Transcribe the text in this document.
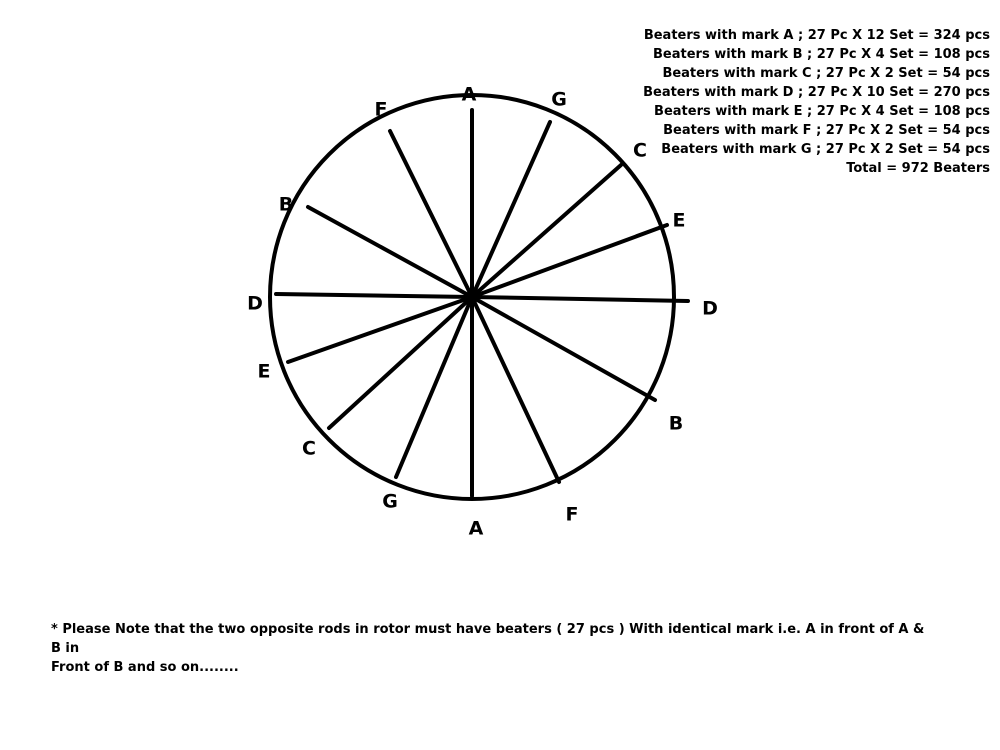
A
A
G
G
C
C
E
E
D
D
B
B
F
F
Beaters with mark A ; 27 Pc X 12 Set = 324 pcs
Beaters with mark B ; 27 Pc X 4 Set = 108 pcs
Beaters with mark C ; 27 Pc X 2 Set = 54 pcs
Beaters with mark D ; 27 Pc X 10 Set = 270 pcs
Beaters with mark E ; 27 Pc X 4 Set = 108 pcs
Beaters with mark F ; 27 Pc X 2 Set = 54 pcs
Beaters with mark G ; 27 Pc X 2 Set = 54 pcs
Total = 972 Beaters
* Please Note that the two opposite rods in rotor must have beaters ( 27 pcs ) With identical mark i.e. A in front of A & B in
Front of B and so on........
